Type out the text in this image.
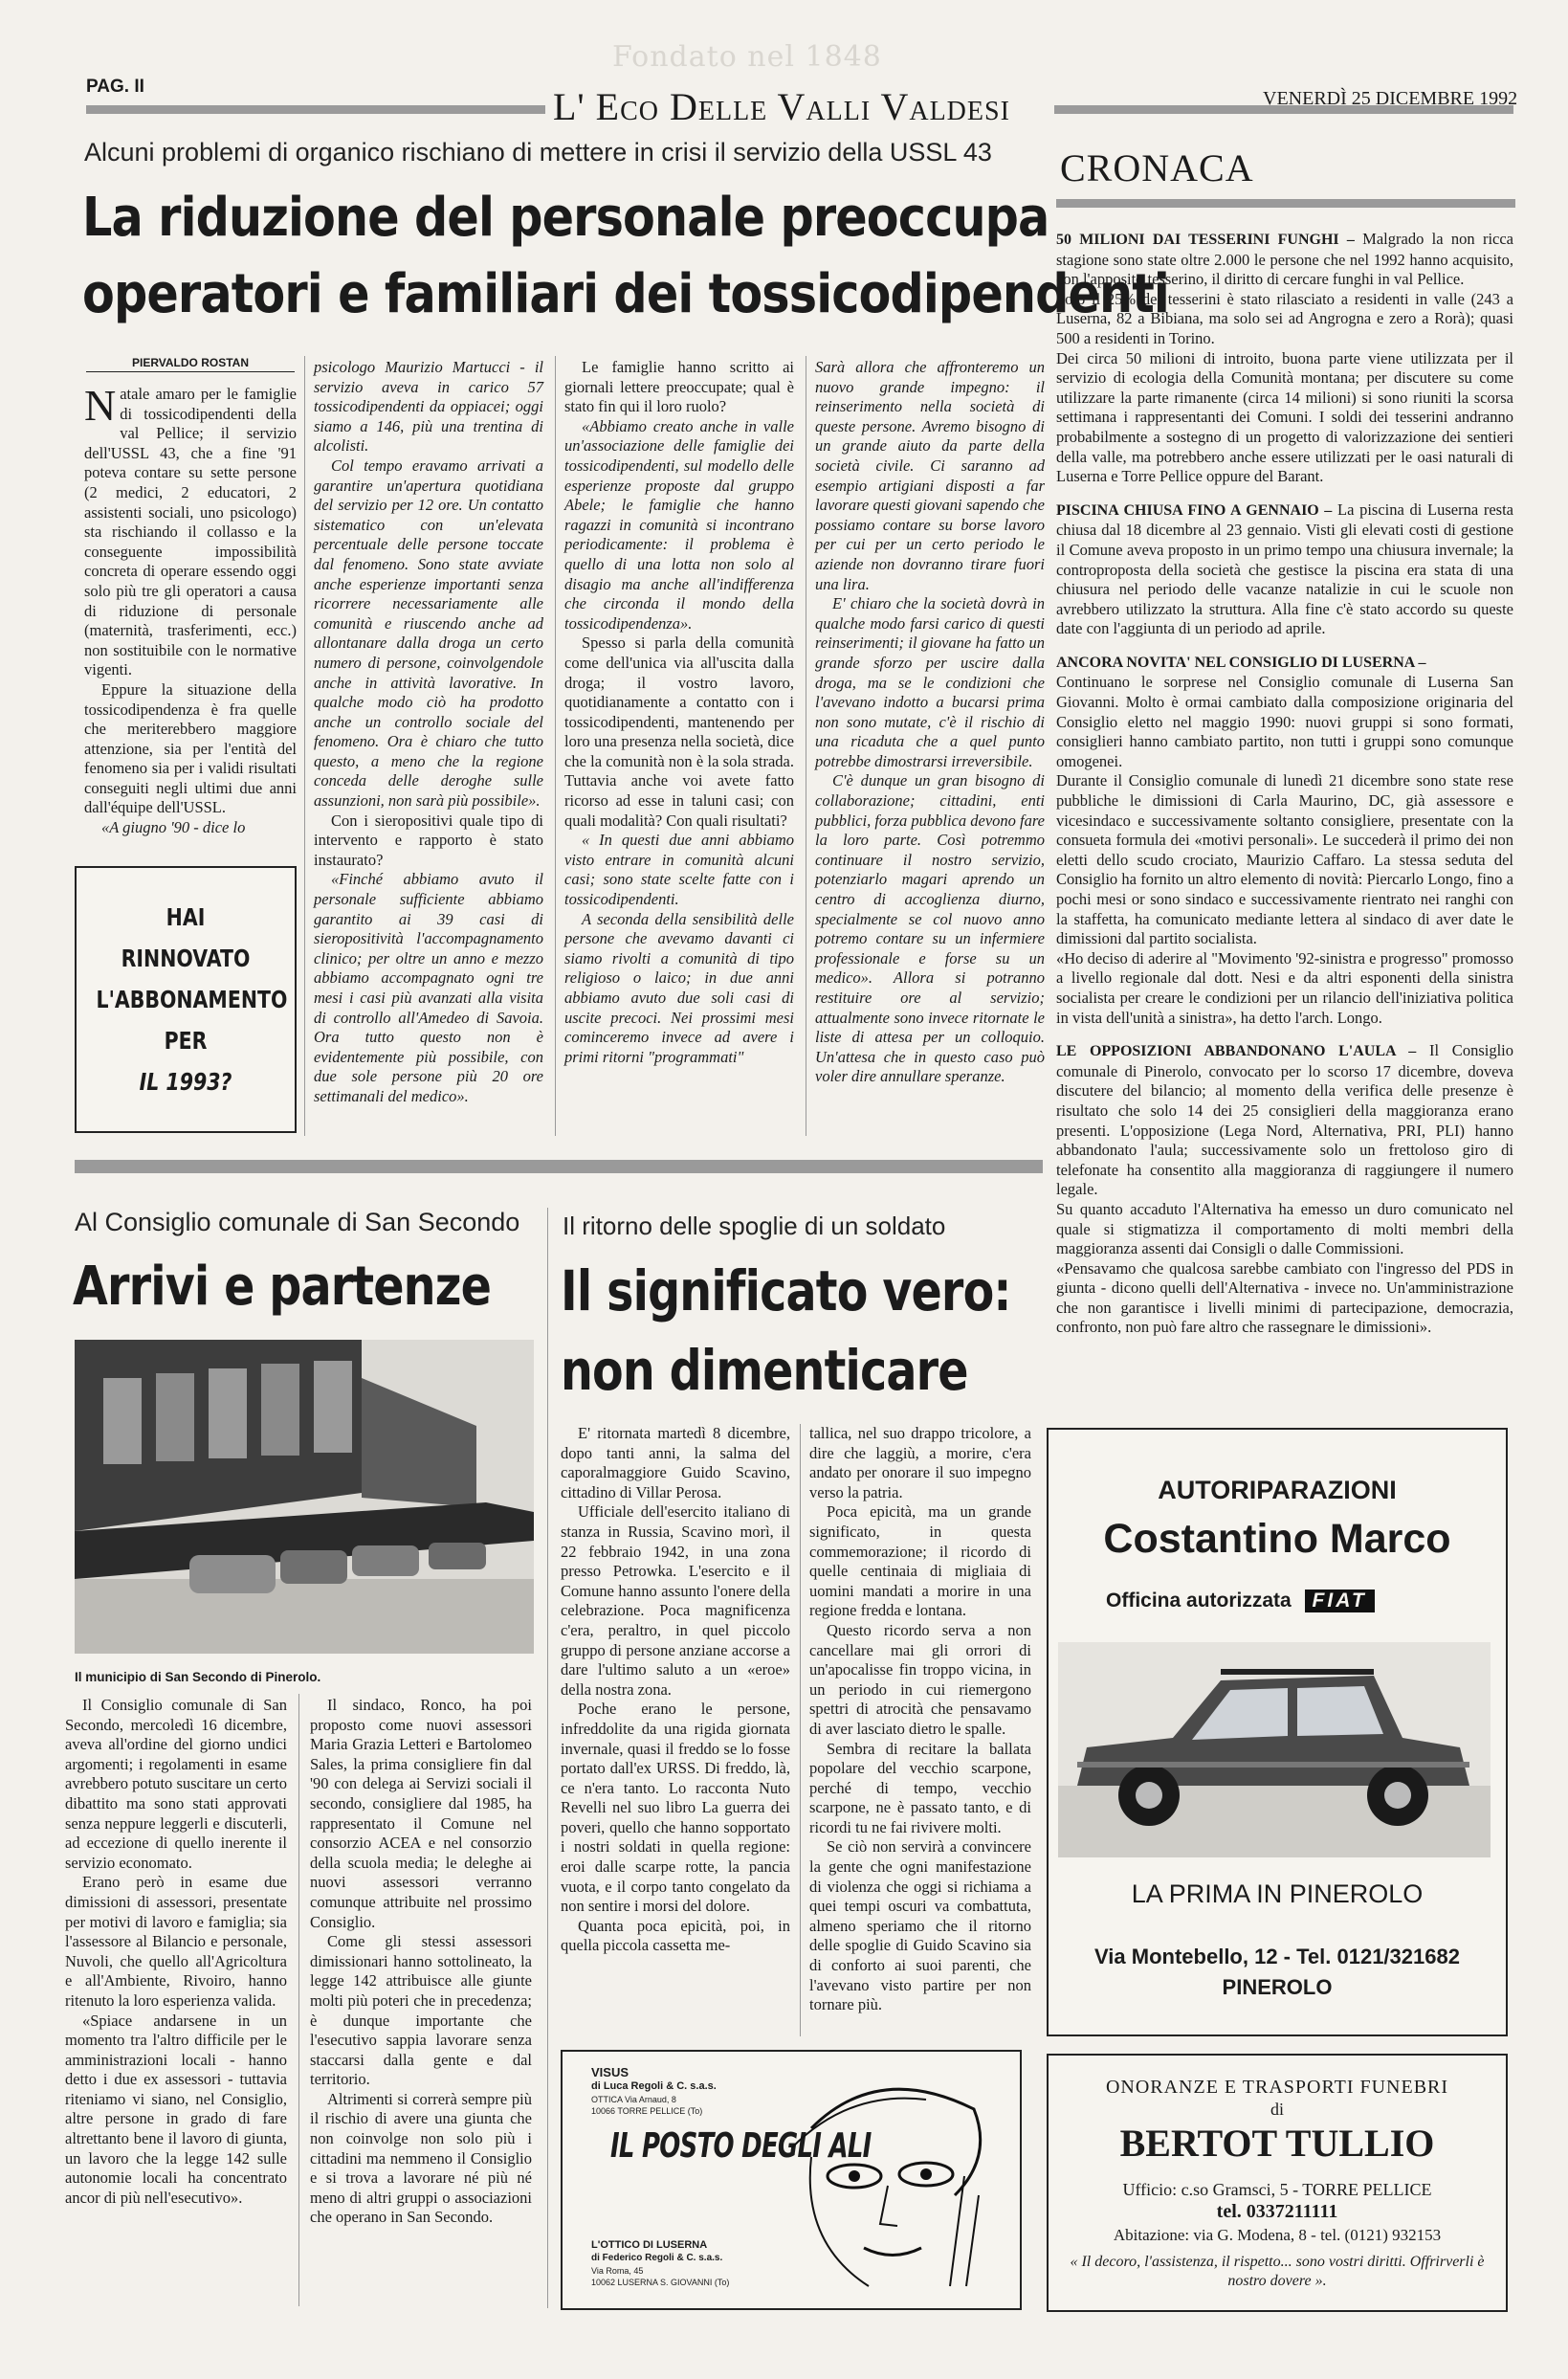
Fondato nel 1848
PAG. II	L' Eco Delle Valli Valdesi	VENERDÌ 25 DICEMBRE 1992
Alcuni problemi di organico rischiano di mettere in crisi il servizio della USSL 43
La riduzione del personale preoccupa
operatori e familiari dei tossicodipendenti
PIERVALDO ROSTAN

Natale amaro per le famiglie di tossicodipendenti della val Pellice; il servizio dell'USSL 43, che a fine '91 poteva contare su sette persone (2 medici, 2 educatori, 2 assistenti sociali, uno psicologo) sta rischiando il collasso e la conseguente impossibilità concreta di operare essendo oggi solo più tre gli operatori a causa di riduzione di personale (maternità, trasferimenti, ecc.) non sostituibile con le normative vigenti.

Eppure la situazione della tossicodipendenza è fra quelle che meriterebbero maggiore attenzione, sia per l'entità del fenomeno sia per i validi risultati conseguiti negli ultimi due anni dall'équipe dell'USSL.

«A giugno '90 - dice lo

HAI
RINNOVATO
L'ABBONAMENTO
PER
IL 1993?

psicologo Maurizio Martucci - il servizio aveva in carico 57 tossicodipendenti da oppiacei; oggi siamo a 146, più una trentina di alcolisti.

Col tempo eravamo arrivati a garantire un'apertura quotidiana del servizio per 12 ore. Un contatto sistematico con un'elevata percentuale delle persone toccate dal fenomeno. Sono state avviate anche esperienze importanti senza ricorrere necessariamente alle comunità e riuscendo anche ad allontanare dalla droga un certo numero di persone, coinvolgendole anche in attività lavorative. In qualche modo ciò ha prodotto anche un controllo sociale del fenomeno. Ora è chiaro che tutto questo, a meno che la regione conceda delle deroghe sulle assunzioni, non sarà più possibile».

Con i sieropositivi quale tipo di intervento e rapporto è stato instaurato?

«Finché abbiamo avuto il personale sufficiente abbiamo garantito ai 39 casi di sieropositività l'accompagnamento clinico; per oltre un anno e mezzo abbiamo accompagnato ogni tre mesi i casi più avanzati alla visita di controllo all'Amedeo di Savoia. Ora tutto questo non è evidentemente più possibile, con due sole persone più 20 ore settimanali del medico».

Le famiglie hanno scritto ai giornali lettere preoccupate; qual è stato fin qui il loro ruolo?

«Abbiamo creato anche in valle un'associazione delle famiglie dei tossicodipendenti, sul modello delle esperienze proposte dal gruppo Abele; le famiglie che hanno ragazzi in comunità si incontrano periodicamente: il problema è quello di una lotta non solo al disagio ma anche all'indifferenza che circonda il mondo della tossicodipendenza».

Spesso si parla della comunità come dell'unica via all'uscita dalla droga; il vostro lavoro, quotidianamente a contatto con i tossicodipendenti, mantenendo per loro una presenza nella società, dice che la comunità non è la sola strada. Tuttavia anche voi avete fatto ricorso ad esse in taluni casi; con quali modalità? Con quali risultati?

« In questi due anni abbiamo visto entrare in comunità alcuni casi; sono state scelte fatte con i tossicodipendenti.

A seconda della sensibilità delle persone che avevamo davanti ci siamo rivolti a comunità di tipo religioso o laico; in due anni abbiamo avuto due soli casi di uscite precoci. Nei prossimi mesi cominceremo invece ad avere i primi ritorni "programmati"

Sarà allora che affronteremo un nuovo grande impegno: il reinserimento nella società di queste persone. Avremo bisogno di un grande aiuto da parte della società civile. Ci saranno ad esempio artigiani disposti a far lavorare questi giovani sapendo che possiamo contare su borse lavoro per cui per un certo periodo le aziende non dovranno tirare fuori una lira.

E' chiaro che la società dovrà in qualche modo farsi carico di questi reinserimenti; il giovane ha fatto un grande sforzo per uscire dalla droga, ma se le condizioni che l'avevano indotto a bucarsi prima non sono mutate, c'è il rischio di una ricaduta che a quel punto potrebbe dimostrarsi irreversibile.

C'è dunque un gran bisogno di collaborazione; cittadini, enti pubblici, forza pubblica devono fare la loro parte. Così potremmo continuare il nostro servizio, potenziarlo magari aprendo un centro di accoglienza diurno, specialmente se col nuovo anno potremo contare su un infermiere professionale e forse su un medico». Allora si potranno restituire ore al servizio; attualmente sono invece ritornate le liste di attesa per un colloquio. Un'attesa che in questo caso può voler dire annullare speranze.

CRONACA
50 MILIONI DAI TESSERINI FUNGHI – Malgrado la non ricca stagione sono state oltre 2.000 le persone che nel 1992 hanno acquisito, con l'apposito tesserino, il diritto di cercare funghi in val Pellice.
Solo il 25% dei tesserini è stato rilasciato a residenti in valle (243 a Luserna, 82 a Bibiana, ma solo sei ad Angrogna e zero a Rorà); quasi 500 a residenti in Torino.
Dei circa 50 milioni di introito, buona parte viene utilizzata per il servizio di ecologia della Comunità montana; per discutere su come utilizzare la parte rimanente (circa 14 milioni) si sono riuniti la scorsa settimana i rappresentanti dei Comuni. I soldi dei tesserini andranno probabilmente a sostegno di un progetto di valorizzazione dei sentieri della valle, ma potrebbero anche essere utilizzati per le oasi naturali di Luserna e Torre Pellice oppure del Barant.
PISCINA CHIUSA FINO A GENNAIO – La piscina di Luserna resta chiusa dal 18 dicembre al 23 gennaio. Visti gli elevati costi di gestione il Comune aveva proposto in un primo tempo una chiusura invernale; la controproposta della società che gestisce la piscina era stata di una chiusura nel periodo delle vacanze natalizie in cui le scuole non avrebbero utilizzato la struttura. Alla fine c'è stato accordo su queste date con l'aggiunta di un periodo ad aprile.
ANCORA NOVITA' NEL CONSIGLIO DI LUSERNA –
Continuano le sorprese nel Consiglio comunale di Luserna San Giovanni. Molto è ormai cambiato dalla composizione originaria del Consiglio eletto nel maggio 1990: nuovi gruppi si sono formati, consiglieri hanno cambiato partito, non tutti i gruppi sono comunque omogenei.
Durante il Consiglio comunale di lunedì 21 dicembre sono state rese pubbliche le dimissioni di Carla Maurino, DC, già assessore e vicesindaco e successivamente soltanto consigliere, presentate con la consueta formula dei «motivi personali». Le succederà il primo dei non eletti dello scudo crociato, Maurizio Caffaro. La stessa seduta del Consiglio ha fornito un altro elemento di novità: Piercarlo Longo, fino a pochi mesi or sono sindaco e successivamente rientrato nei ranghi con la staffetta, ha comunicato mediante lettera al sindaco di aver date le dimissioni dal partito socialista.
«Ho deciso di aderire al "Movimento '92-sinistra e progresso" promosso a livello regionale dal dott. Nesi e da altri esponenti della sinistra socialista per creare le condizioni per un rilancio dell'iniziativa politica in vista dell'unità a sinistra», ha detto l'arch. Longo.
LE OPPOSIZIONI ABBANDONANO L'AULA – Il Consiglio comunale di Pinerolo, convocato per lo scorso 17 dicembre, doveva discutere del bilancio; al momento della verifica delle presenze è risultato che solo 14 dei 25 consiglieri della maggioranza erano presenti. L'opposizione (Lega Nord, Alternativa, PRI, PLI) hanno abbandonato l'aula; successivamente solo un frettoloso giro di telefonate ha consentito alla maggioranza di raggiungere il numero legale.
Su quanto accaduto l'Alternativa ha emesso un duro comunicato nel quale si stigmatizza il comportamento di molti membri della maggioranza assenti dai Consigli o dalle Commissioni.
«Pensavamo che qualcosa sarebbe cambiato con l'ingresso del PDS in giunta - dicono quelli dell'Alternativa - invece no. Un'amministrazione che non garantisce i livelli minimi di partecipazione, democrazia, confronto, non può fare altro che rassegnare le dimissioni».
AUTORIPARAZIONI
Costantino Marco
Officina autorizzata FIAT
LA PRIMA IN PINEROLO
Via Montebello, 12 - Tel. 0121/321682
PINEROLO
ONORANZE E TRASPORTI FUNEBRI
di
BERTOT TULLIO
Ufficio: c.so Gramsci, 5 - TORRE PELLICE
tel. 0337211111
Abitazione: via G. Modena, 8 - tel. (0121) 932153
« Il decoro, l'assistenza, il rispetto... sono vostri diritti. Offrirverli è nostro dovere ».
Al Consiglio comunale di San Secondo
Arrivi e partenze
Il municipio di San Secondo di Pinerolo.

Il Consiglio comunale di San Secondo, mercoledì 16 dicembre, aveva all'ordine del giorno undici argomenti; i regolamenti in esame avrebbero potuto suscitare un certo dibattito ma sono stati approvati senza neppure leggerli e discuterli, ad eccezione di quello inerente il servizio economato.

Erano però in esame due dimissioni di assessori, presentate per motivi di lavoro e famiglia; sia l'assessore al Bilancio e personale, Nuvoli, che quello all'Agricoltura e all'Ambiente, Rivoiro, hanno ritenuto la loro esperienza valida.

«Spiace andarsene in un momento tra l'altro difficile per le amministrazioni locali - hanno detto i due ex assessori - tuttavia riteniamo vi siano, nel Consiglio, altre persone in grado di fare altrettanto bene il lavoro di giunta, un lavoro che la legge 142 sulle autonomie locali ha concentrato ancor di più nell'esecutivo».

Il sindaco, Ronco, ha poi proposto come nuovi assessori Maria Grazia Letteri e Bartolomeo Sales, la prima consigliere fin dal '90 con delega ai Servizi sociali il secondo, consigliere dal 1985, ha rappresentato il Comune nel consorzio ACEA e nel consorzio della scuola media; le deleghe ai nuovi assessori verranno comunque attribuite nel prossimo Consiglio.

Come gli stessi assessori dimissionari hanno sottolineato, la legge 142 attribuisce alle giunte molti più poteri che in precedenza; è dunque importante che l'esecutivo sappia lavorare senza staccarsi dalla gente e dal territorio.

Altrimenti si correrà sempre più il rischio di avere una giunta che non coinvolge non solo più i cittadini ma nemmeno il Consiglio e si trova a lavorare né più né meno di altri gruppi o associazioni che operano in San Secondo.

Il ritorno delle spoglie di un soldato
Il significato vero:
non dimenticare

E' ritornata martedì 8 dicembre, dopo tanti anni, la salma del caporalmaggiore Guido Scavino, cittadino di Villar Perosa.

Ufficiale dell'esercito italiano di stanza in Russia, Scavino morì, il 22 febbraio 1942, in una zona presso Petrowka. L'esercito e il Comune hanno assunto l'onere della celebrazione. Poca magnificenza c'era, peraltro, in quel piccolo gruppo di persone anziane accorse a dare l'ultimo saluto a un «eroe» della nostra zona.

Poche erano le persone, infreddolite da una rigida giornata invernale, quasi il freddo se lo fosse portato dall'ex URSS. Di freddo, là, ce n'era tanto. Lo racconta Nuto Revelli nel suo libro La guerra dei poveri, quello che hanno sopportato i nostri soldati in quella regione: eroi dalle scarpe rotte, la pancia vuota, e il corpo tanto congelato da non sentire i morsi del dolore.

Quanta poca epicità, poi, in quella piccola cassetta me-

tallica, nel suo drappo tricolore, a dire che laggiù, a morire, c'era andato per onorare il suo impegno verso la patria.

Poca epicità, ma un grande significato, in questa commemorazione; il ricordo di quelle centinaia di migliaia di uomini mandati a morire in una regione fredda e lontana.

Questo ricordo serva a non cancellare mai gli orrori di un'apocalisse fin troppo vicina, in un periodo in cui riemergono spettri di atrocità che pensavamo di aver lasciato dietro le spalle.

Sembra di recitare la ballata popolare del vecchio scarpone, perché di tempo, vecchio scarpone, ne è passato tanto, e di ricordi tu ne fai rivivere molti.

Se ciò non servirà a convincere la gente che ogni manifestazione di violenza che oggi si richiama a quei tempi oscuri va combattuta, almeno speriamo che il ritorno delle spoglie di Guido Scavino sia di conforto ai suoi parenti, che l'avevano visto partire per non tornare più.

VISUS
di Luca Regoli & C. s.a.s.
OTTICA Via Arnaud, 8
10066 TORRE PELLICE (To)
IL POSTO DEGLI ALI
L'OTTICO DI LUSERNA
di Federico Regoli & C. s.a.s.
Via Roma, 45
10062 LUSERNA S. GIOVANNI (To)
